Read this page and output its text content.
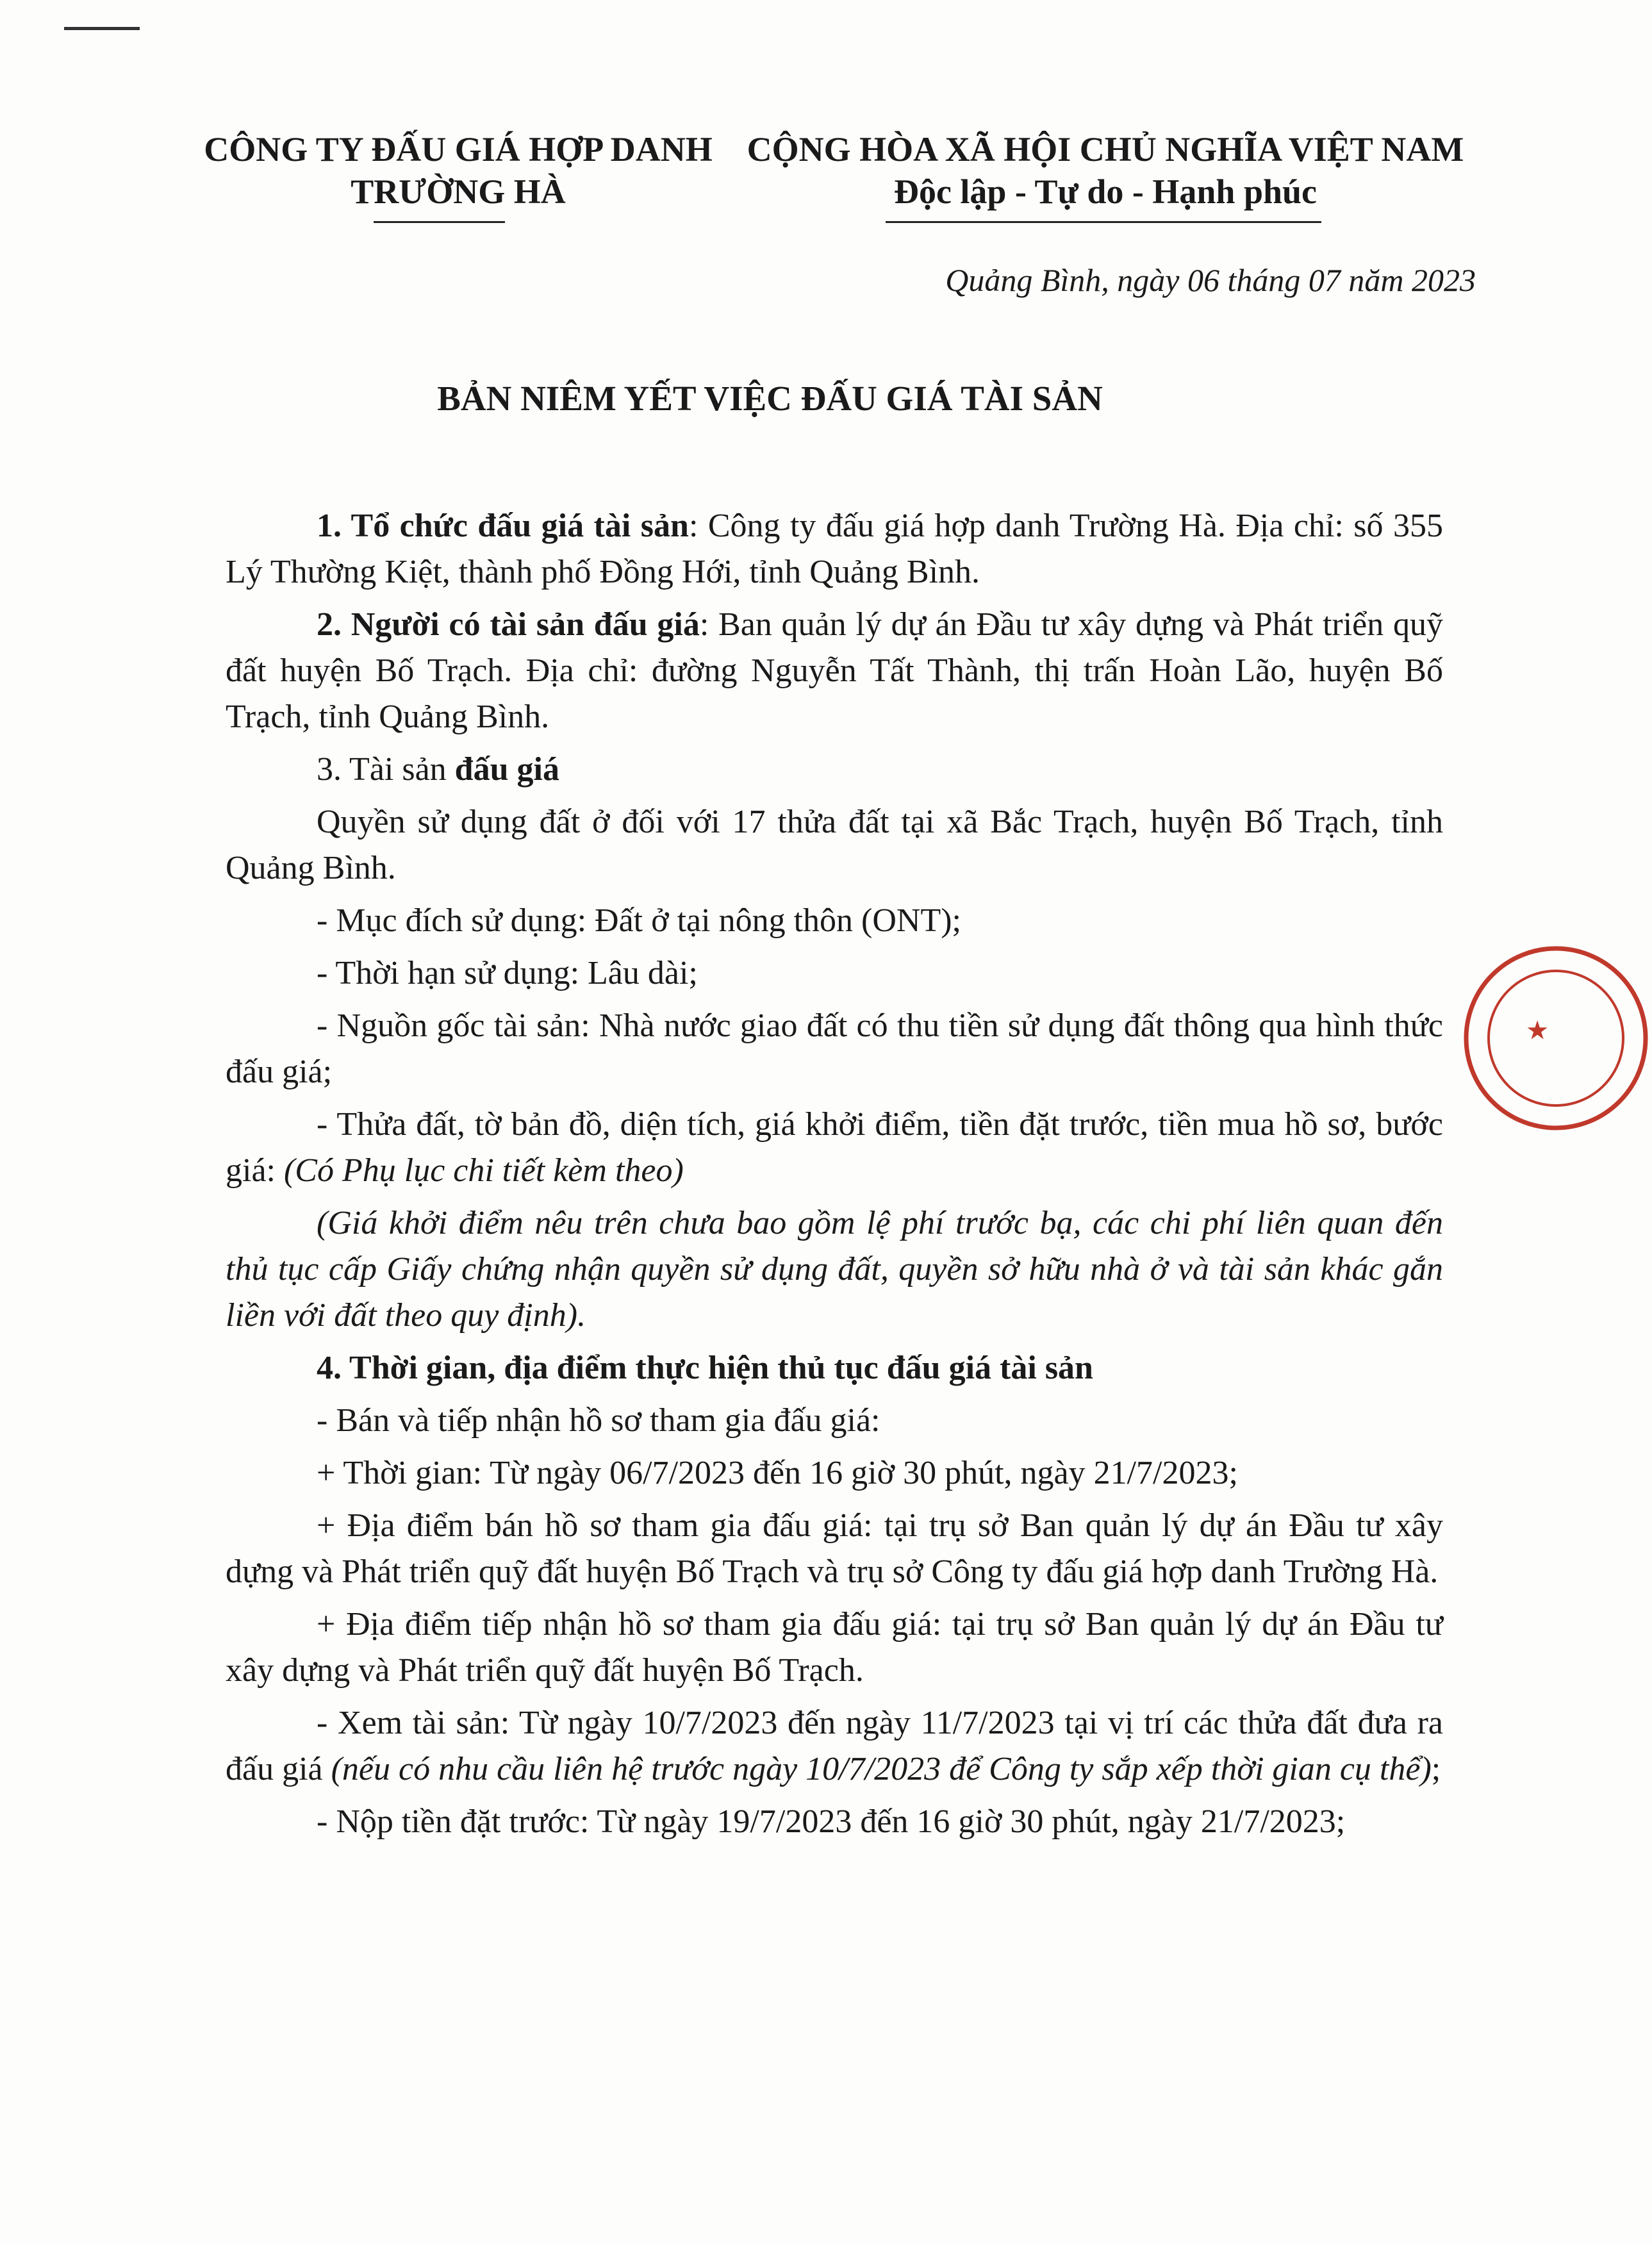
CÔNG TY ĐẤU GIÁ HỢP DANH
TRƯỜNG HÀ
CỘNG HÒA XÃ HỘI CHỦ NGHĨA VIỆT NAM Độc lập - Tự do - Hạnh phúc
Quảng Bình, ngày 06 tháng 07 năm 2023
BẢN NIÊM YẾT VIỆC ĐẤU GIÁ TÀI SẢN

1. Tổ chức đấu giá tài sản: Công ty đấu giá hợp danh Trường Hà. Địa chỉ: số 355 Lý Thường Kiệt, thành phố Đồng Hới, tỉnh Quảng Bình.

2. Người có tài sản đấu giá: Ban quản lý dự án Đầu tư xây dựng và Phát triển quỹ đất huyện Bố Trạch. Địa chỉ: đường Nguyễn Tất Thành, thị trấn Hoàn Lão, huyện Bố Trạch, tỉnh Quảng Bình.

3. Tài sản đấu giá

Quyền sử dụng đất ở đối với 17 thửa đất tại xã Bắc Trạch, huyện Bố Trạch, tỉnh Quảng Bình.

- Mục đích sử dụng: Đất ở tại nông thôn (ONT);

- Thời hạn sử dụng: Lâu dài;

- Nguồn gốc tài sản: Nhà nước giao đất có thu tiền sử dụng đất thông qua hình thức đấu giá;

- Thửa đất, tờ bản đồ, diện tích, giá khởi điểm, tiền đặt trước, tiền mua hồ sơ, bước giá: (Có Phụ lục chi tiết kèm theo)

(Giá khởi điểm nêu trên chưa bao gồm lệ phí trước bạ, các chi phí liên quan đến thủ tục cấp Giấy chứng nhận quyền sử dụng đất, quyền sở hữu nhà ở và tài sản khác gắn liền với đất theo quy định).

4. Thời gian, địa điểm thực hiện thủ tục đấu giá tài sản

- Bán và tiếp nhận hồ sơ tham gia đấu giá:

+ Thời gian: Từ ngày 06/7/2023 đến 16 giờ 30 phút, ngày 21/7/2023;

+ Địa điểm bán hồ sơ tham gia đấu giá: tại trụ sở Ban quản lý dự án Đầu tư xây dựng và Phát triển quỹ đất huyện Bố Trạch và trụ sở Công ty đấu giá hợp danh Trường Hà.

+ Địa điểm tiếp nhận hồ sơ tham gia đấu giá: tại trụ sở Ban quản lý dự án Đầu tư xây dựng và Phát triển quỹ đất huyện Bố Trạch.

- Xem tài sản: Từ ngày 10/7/2023 đến ngày 11/7/2023 tại vị trí các thửa đất đưa ra đấu giá (nếu có nhu cầu liên hệ trước ngày 10/7/2023 để Công ty sắp xếp thời gian cụ thể);

- Nộp tiền đặt trước: Từ ngày 19/7/2023 đến 16 giờ 30 phút, ngày 21/7/2023;

★
